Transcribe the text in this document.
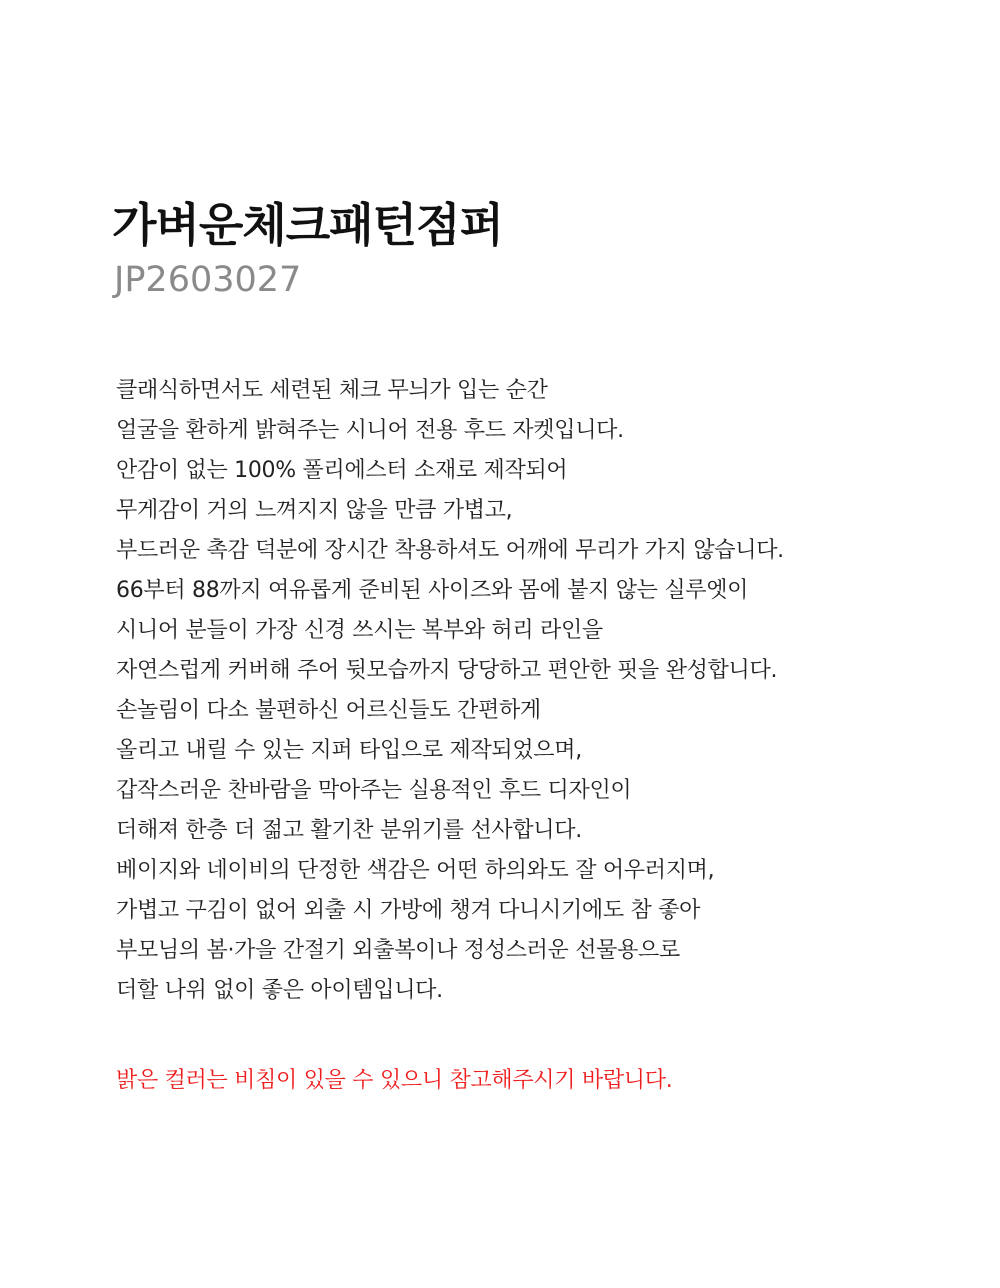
가벼운체크패턴점퍼

JP2603027

클래식하면서도 세련된 체크 무늬가 입는 순간
얼굴을 환하게 밝혀주는 시니어 전용 후드 자켓입니다.
안감이 없는 100% 폴리에스터 소재로 제작되어
무게감이 거의 느껴지지 않을 만큼 가볍고,
부드러운 촉감 덕분에 장시간 착용하셔도 어깨에 무리가 가지 않습니다.
66부터 88까지 여유롭게 준비된 사이즈와 몸에 붙지 않는 실루엣이
시니어 분들이 가장 신경 쓰시는 복부와 허리 라인을
자연스럽게 커버해 주어 뒷모습까지 당당하고 편안한 핏을 완성합니다.
손놀림이 다소 불편하신 어르신들도 간편하게
올리고 내릴 수 있는 지퍼 타입으로 제작되었으며,
갑작스러운 찬바람을 막아주는 실용적인 후드 디자인이
더해져 한층 더 젊고 활기찬 분위기를 선사합니다.
베이지와 네이비의 단정한 색감은 어떤 하의와도 잘 어우러지며,
가볍고 구김이 없어 외출 시 가방에 챙겨 다니시기에도 참 좋아
부모님의 봄·가을 간절기 외출복이나 정성스러운 선물용으로
더할 나위 없이 좋은 아이템입니다.

밝은 컬러는 비침이 있을 수 있으니 참고해주시기 바랍니다.
